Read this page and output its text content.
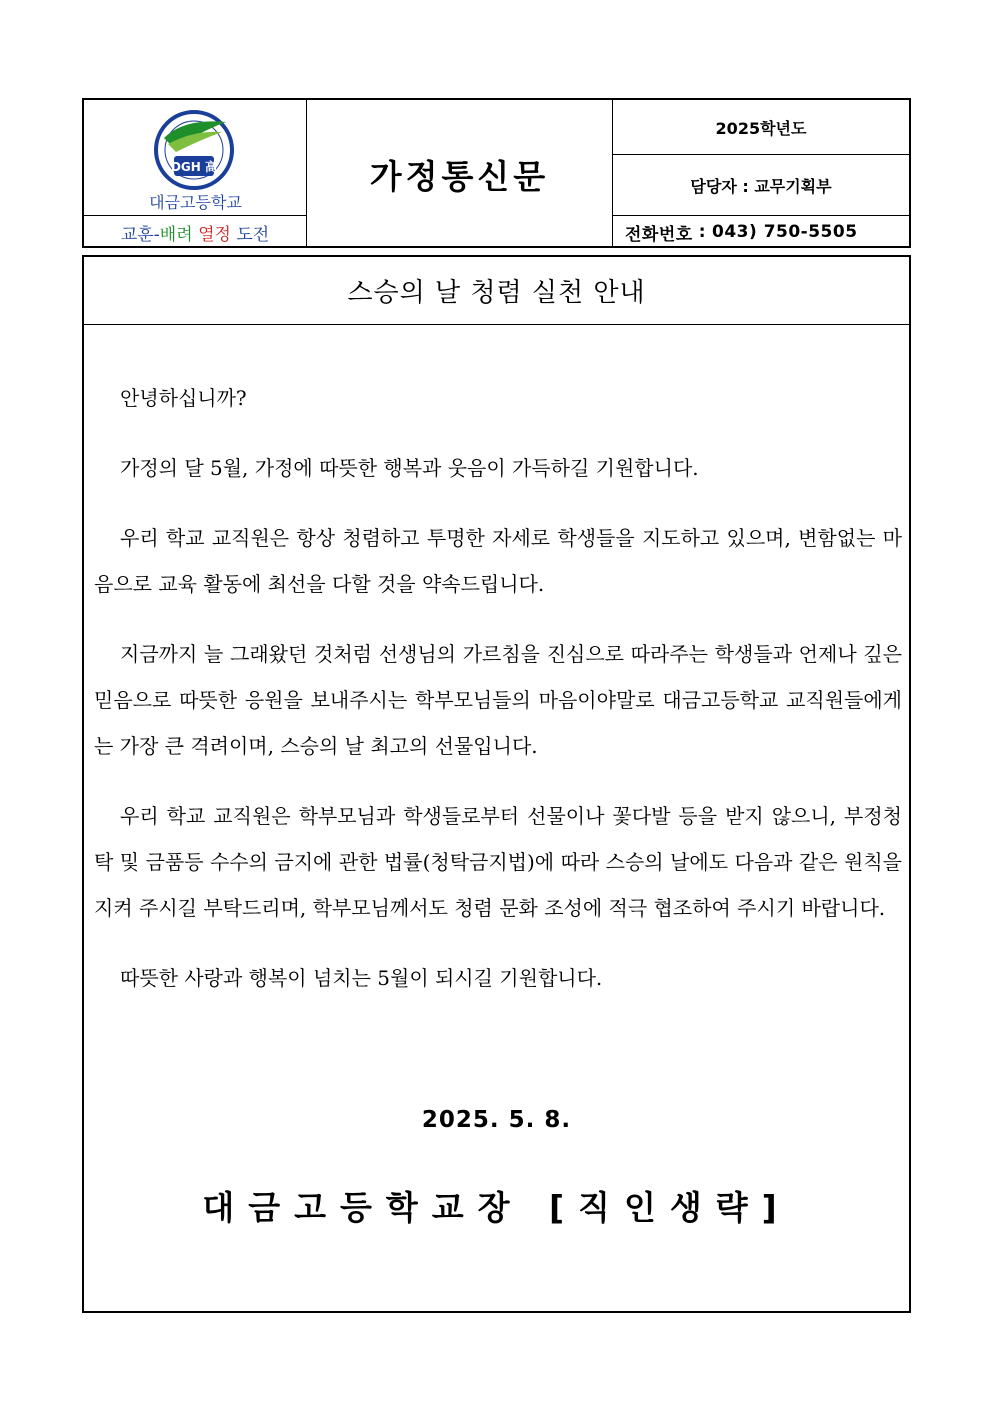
DGH 高
대금고등학교
교훈- 배려
열정
도전
가정통신문
2025학년도
담당자 : 교무기획부
전화번호 : 043) 750-5505
스승의 날 청렴 실천 안내

안녕하십니까?

가정의 달 5월, 가정에 따뜻한 행복과 웃음이 가득하길 기원합니다.

우리 학교 교직원은 항상 청렴하고 투명한 자세로 학생들을 지도하고 있으며, 변함없는 마음으로 교육 활동에 최선을 다할 것을 약속드립니다.

지금까지 늘 그래왔던 것처럼 선생님의 가르침을 진심으로 따라주는 학생들과 언제나 깊은 믿음으로 따뜻한 응원을 보내주시는 학부모님들의 마음이야말로 대금고등학교 교직원들에게는 가장 큰 격려이며, 스승의 날 최고의 선물입니다.

우리 학교 교직원은 학부모님과 학생들로부터 선물이나 꽃다발 등을 받지 않으니, 부정청탁 및 금품등 수수의 금지에 관한 법률(청탁금지법)에 따라 스승의 날에도 다음과 같은 원칙을 지켜 주시길 부탁드리며, 학부모님께서도 청렴 문화 조성에 적극 협조하여 주시기 바랍니다.

따뜻한 사랑과 행복이 넘치는 5월이 되시길 기원합니다.

2025. 5. 8.
대금고등학교장 [직인생략]
